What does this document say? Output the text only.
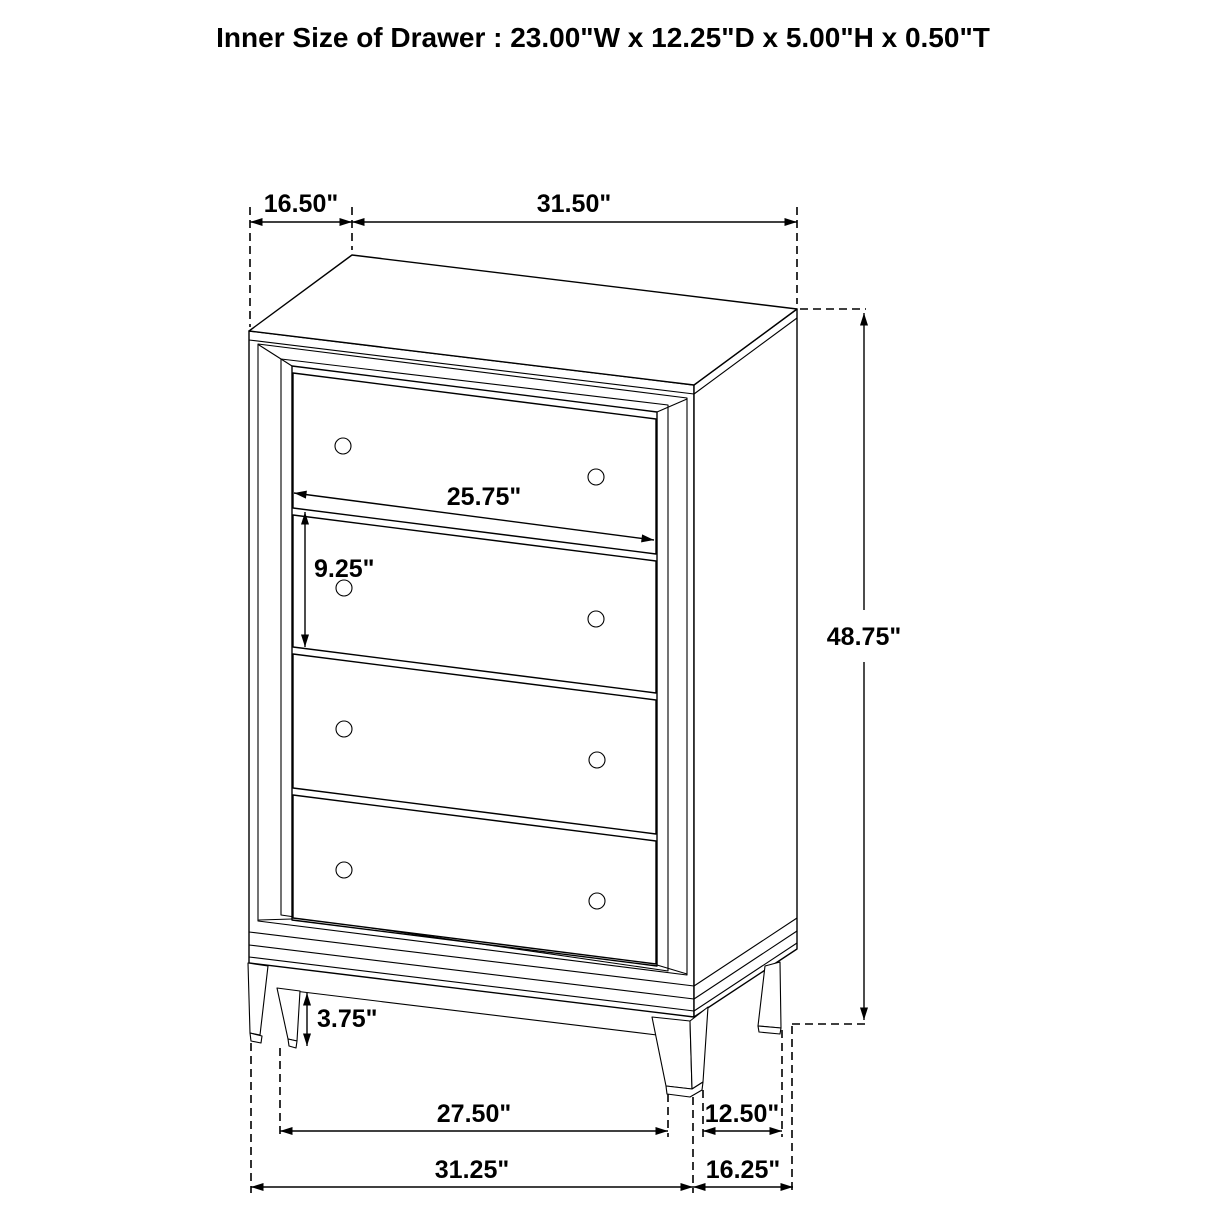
Inner Size of Drawer : 23.00"W x 12.25"D x 5.00"H x 0.50"T
16.50"	31.50"
25.75"
9.25"
48.75"
3.75"
27.50"	12.50"
31.25"	16.25"
